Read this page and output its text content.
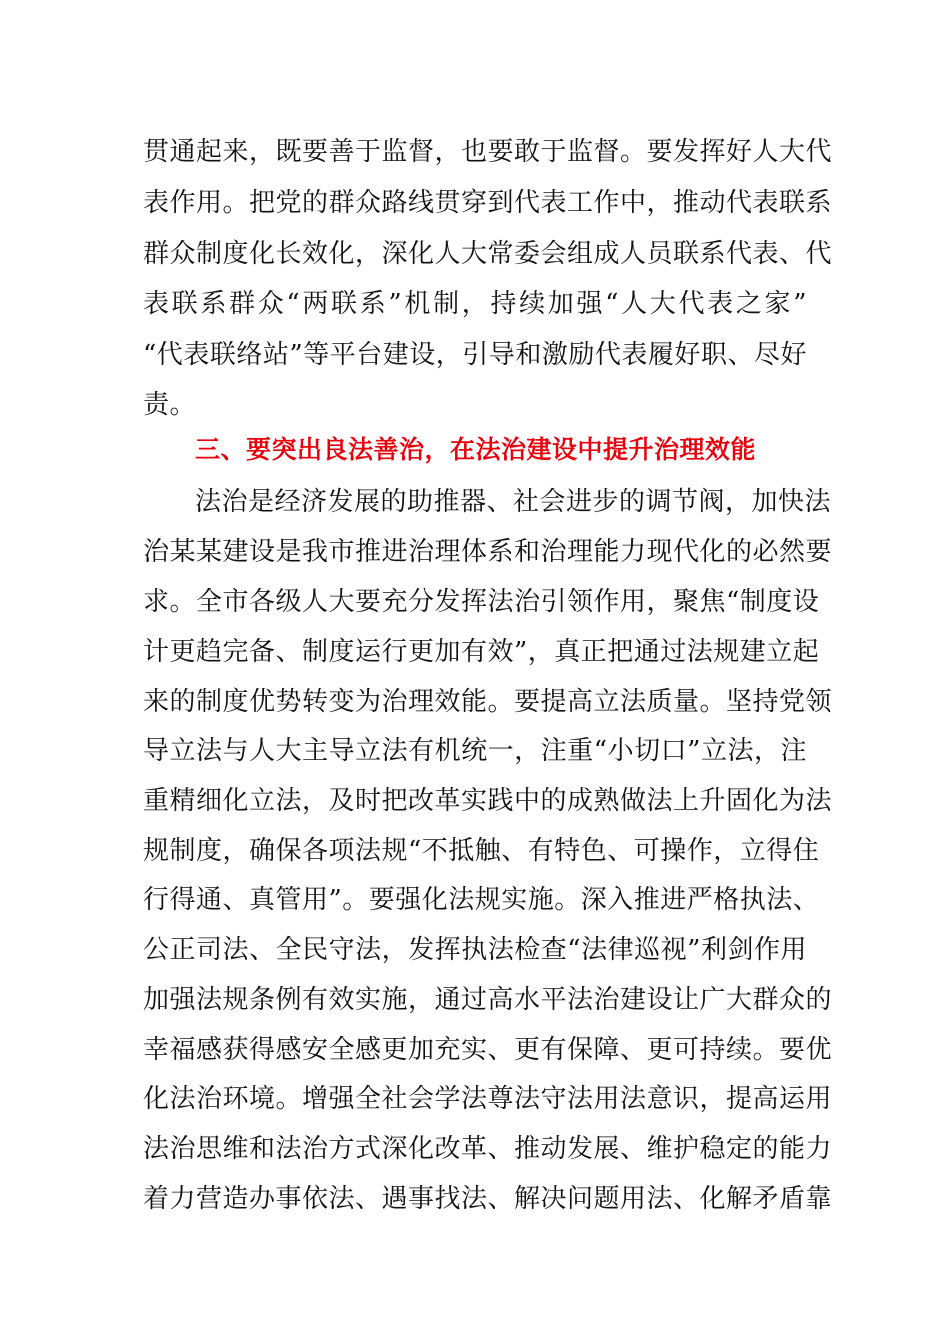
贯通起来，既要善于监督，也要敢于监督。要发挥好人大代
表作用。把党的群众路线贯穿到代表工作中，推动代表联系
群众制度化长效化，深化人大常委会组成人员联系代表、代
表联系群众“两联系”机制，持续加强“人大代表之家”
“代表联络站”等平台建设，引导和激励代表履好职、尽好
责。
三、要突出良法善治，在法治建设中提升治理效能
法治是经济发展的助推器、社会进步的调节阀，加快法
治某某建设是我市推进治理体系和治理能力现代化的必然要
求。全市各级人大要充分发挥法治引领作用，聚焦“制度设
计更趋完备、制度运行更加有效”，真正把通过法规建立起
来的制度优势转变为治理效能。要提高立法质量。坚持党领
导立法与人大主导立法有机统一，注重“小切口”立法，注
重精细化立法，及时把改革实践中的成熟做法上升固化为法
规制度，确保各项法规“不抵触、有特色、可操作，立得住
行得通、真管用”。要强化法规实施。深入推进严格执法、
公正司法、全民守法，发挥执法检查“法律巡视”利剑作用
加强法规条例有效实施，通过高水平法治建设让广大群众的
幸福感获得感安全感更加充实、更有保障、更可持续。要优
化法治环境。增强全社会学法尊法守法用法意识，提高运用
法治思维和法治方式深化改革、推动发展、维护稳定的能力
着力营造办事依法、遇事找法、解决问题用法、化解矛盾靠
